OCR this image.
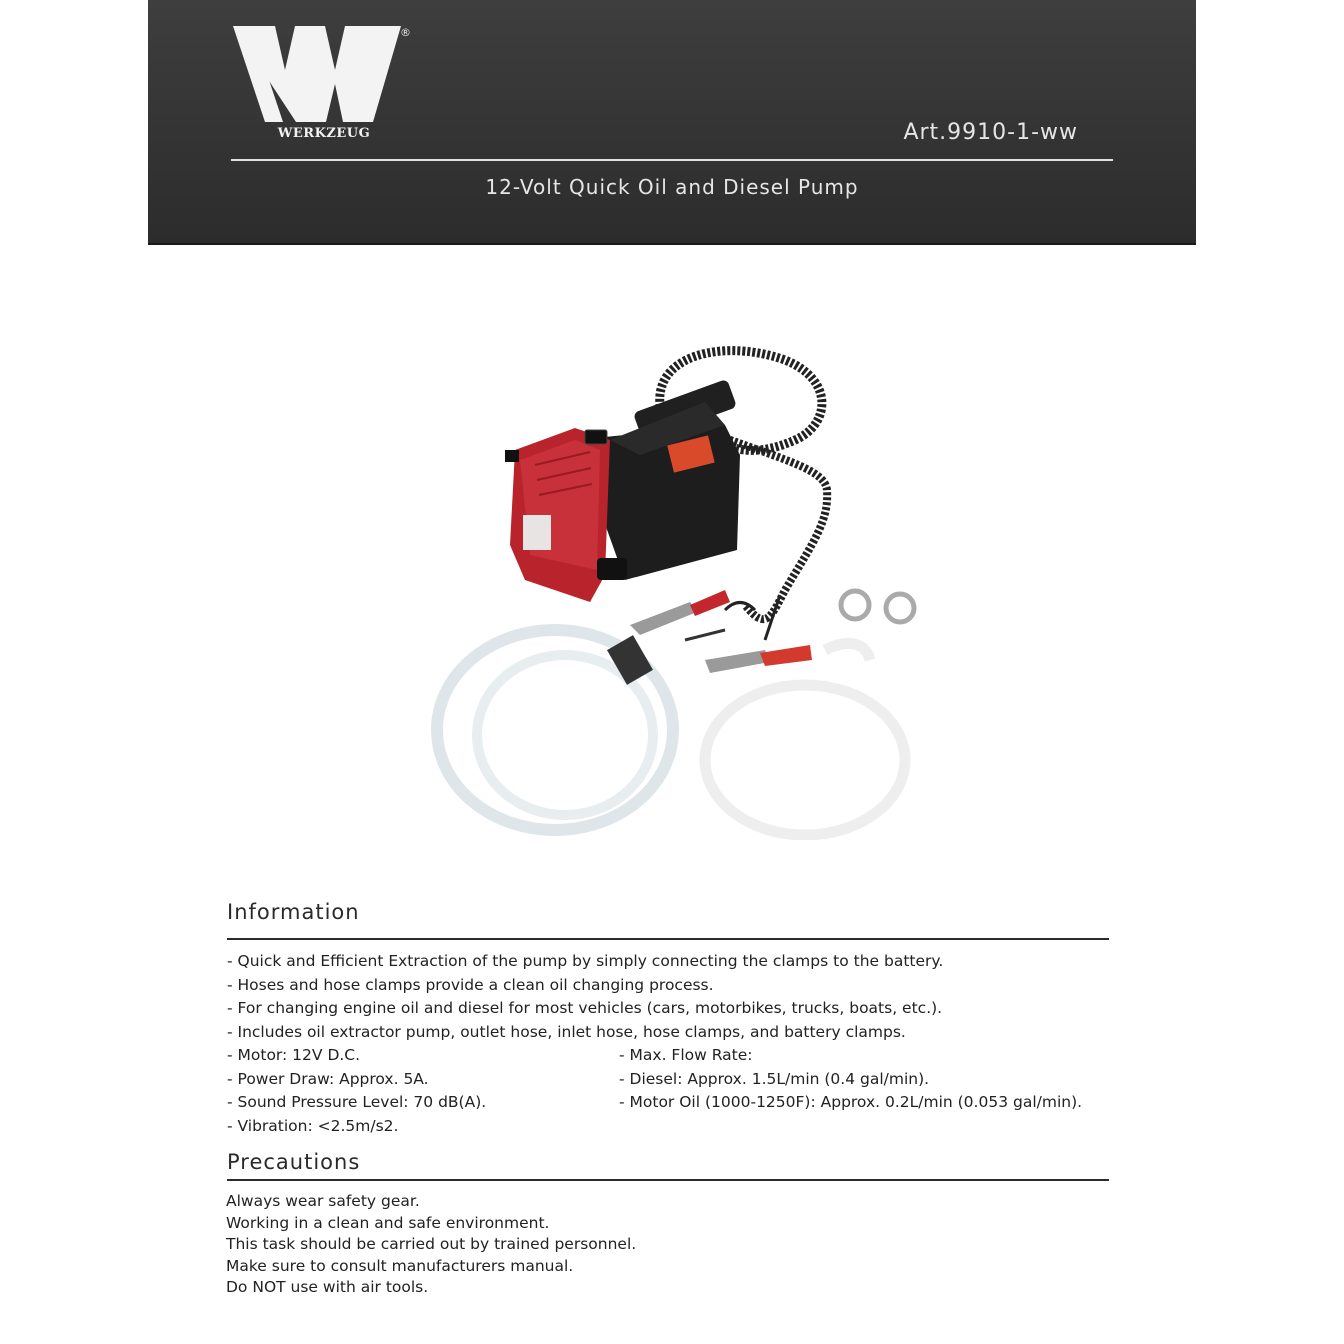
®
WERKZEUG	Art.9910-1-ww
12-Volt Quick Oil and Diesel Pump
Information
- Quick and Efficient Extraction of the pump by simply connecting the clamps to the battery.
- Hoses and hose clamps provide a clean oil changing process.
- For changing engine oil and diesel for most vehicles (cars, motorbikes, trucks, boats, etc.).
- Includes oil extractor pump, outlet hose, inlet hose, hose clamps, and battery clamps.
- Motor: 12V D.C.
- Power Draw: Approx. 5A.
- Sound Pressure Level: 70 dB(A).
- Vibration: <2.5m/s2.
- Max. Flow Rate:
- Diesel: Approx. 1.5L/min (0.4 gal/min).
- Motor Oil (1000-1250F): Approx. 0.2L/min (0.053 gal/min).
Precautions
Always wear safety gear.
Working in a clean and safe environment.
This task should be carried out by trained personnel.
Make sure to consult manufacturers manual.
Do NOT use with air tools.
